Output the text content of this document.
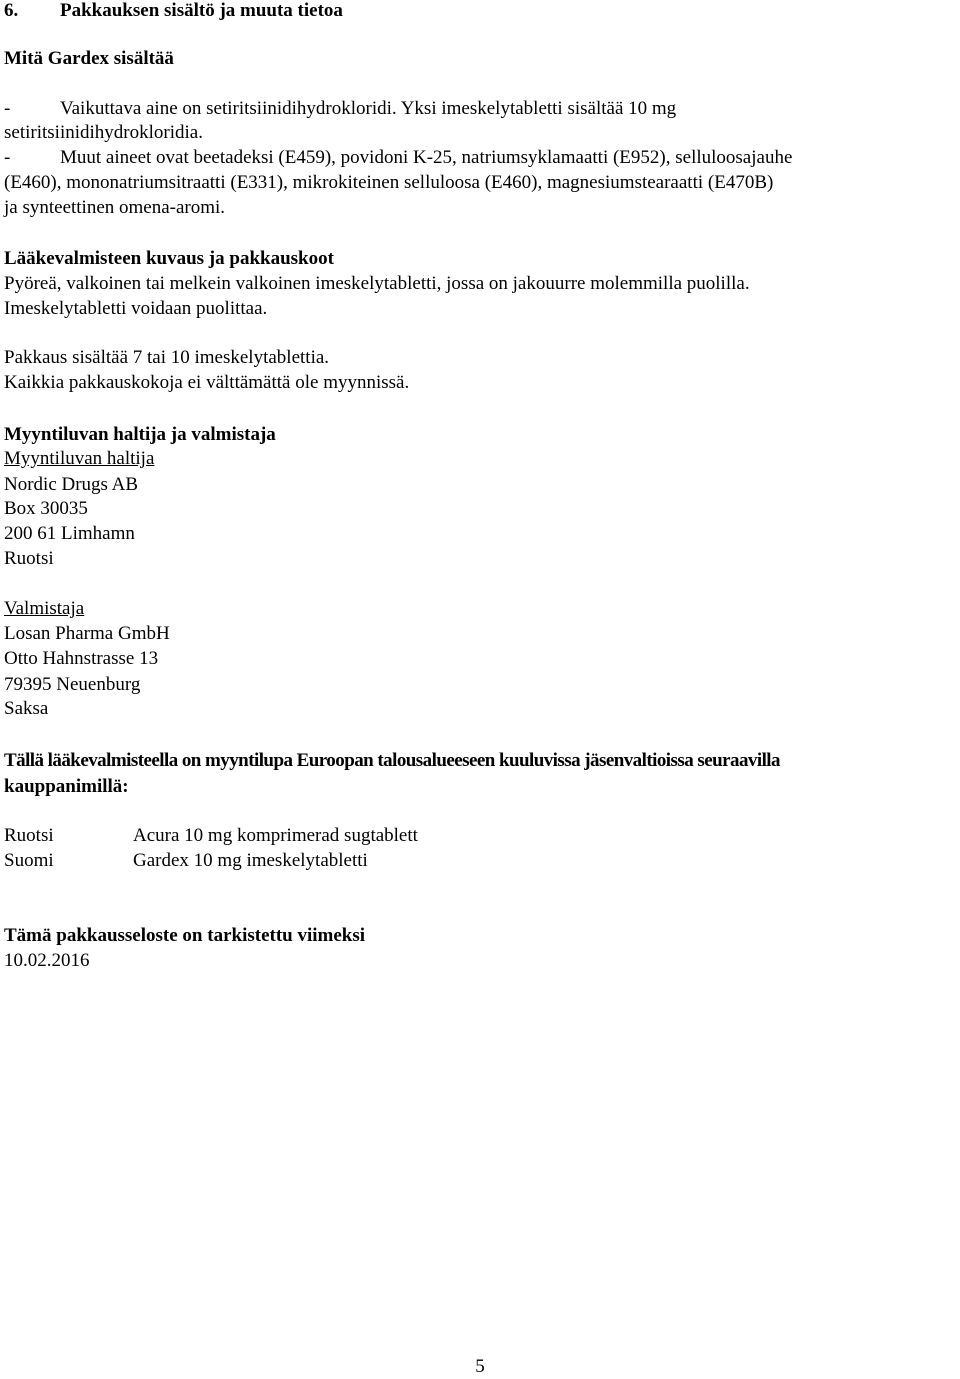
6. Pakkauksen sisältö ja muuta tietoa
Mitä Gardex sisältää
-	Vaikuttava aine on setiritsiinidihydrokloridi. Yksi imeskelytabletti sisältää 10 mg
setiritsiinidihydrokloridia.
-	Muut aineet ovat beetadeksi (E459), povidoni K-25, natriumsyklamaatti (E952), selluloosajauhe
(E460), mononatriumsitraatti (E331), mikrokiteinen selluloosa (E460), magnesiumstearaatti (E470B)
ja synteettinen omena-aromi.
Lääkevalmisteen kuvaus ja pakkauskoot
Pyöreä, valkoinen tai melkein valkoinen imeskelytabletti, jossa on jakouurre molemmilla puolilla.
Imeskelytabletti voidaan puolittaa.
Pakkaus sisältää 7 tai 10 imeskelytablettia.
Kaikkia pakkauskokoja ei välttämättä ole myynnissä.
Myyntiluvan haltija ja valmistaja
Myyntiluvan haltija
Nordic Drugs AB
Box 30035
200 61 Limhamn
Ruotsi
Valmistaja
Losan Pharma GmbH
Otto Hahnstrasse 13
79395 Neuenburg
Saksa
Tällä lääkevalmisteella on myyntilupa Euroopan talousalueeseen kuuluvissa jäsenvaltioissa seuraavilla
kauppanimillä:
Ruotsi	Acura 10 mg komprimerad sugtablett
Suomi	Gardex 10 mg imeskelytabletti
Tämä pakkausseloste on tarkistettu viimeksi
10.02.2016
5
